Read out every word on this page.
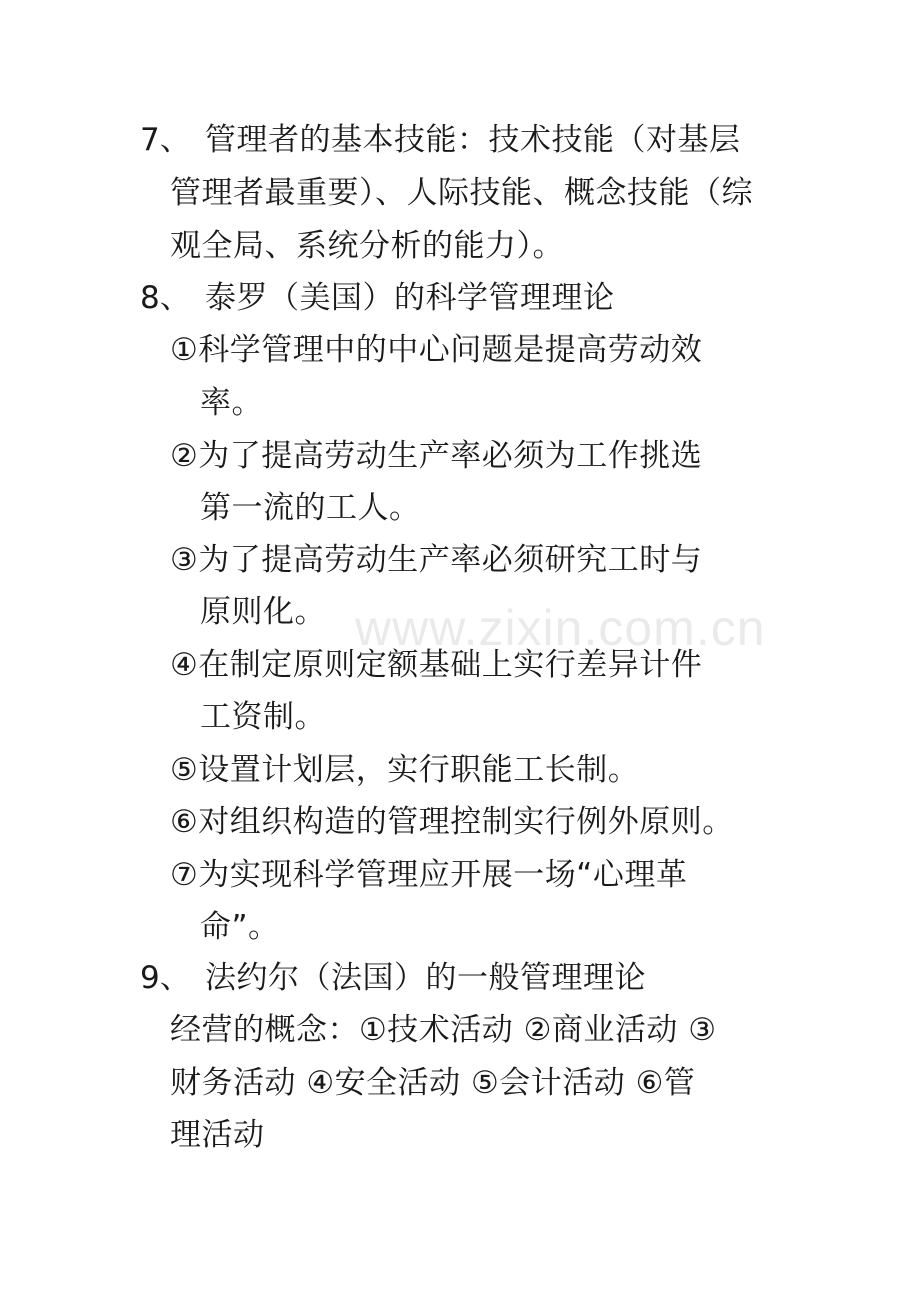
7、 管理者的基本技能：技术技能（对基层
管理者最重要）、人际技能、概念技能（综
观全局、系统分析的能力）。
8、 泰罗（美国）的科学管理理论
①科学管理中的中心问题是提高劳动效
率。
②为了提高劳动生产率必须为工作挑选
第一流的工人。
③为了提高劳动生产率必须研究工时与
原则化。
④在制定原则定额基础上实行差异计件
工资制。
⑤设置计划层，实行职能工长制。
⑥对组织构造的管理控制实行例外原则。
⑦为实现科学管理应开展一场“心理革
命”。
9、 法约尔（法国）的一般管理理论
经营的概念：①技术活动 ②商业活动 ③
财务活动 ④安全活动 ⑤会计活动 ⑥管
理活动
www.zixin.com.cn
